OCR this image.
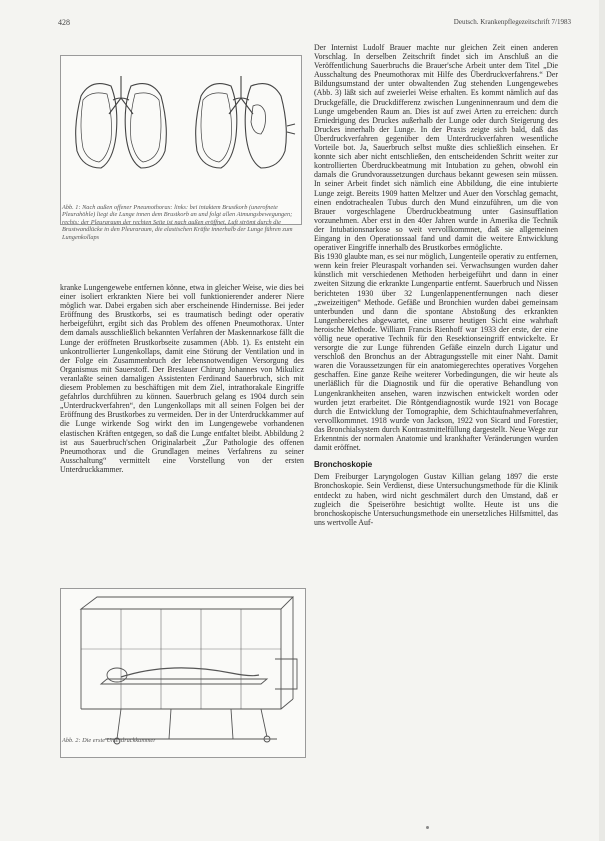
428	Deutsch. Krankenpflegezeitschrift 7/1983
Abb. 1: Nach außen offener Pneumothorax: links: bei intaktem Brustkorb (unerofnete Pleurahöhle) liegt die Lunge innen dem Brustkorb an und folgt allen Atmungsbewegungen; rechts: der Pleuraraum der rechten Seite ist nach außen eröffnet, Luft strömt durch die Brustwandlücke in den Pleuraraum, die elastischen Kräfte innerhalb der Lunge führen zum Lungenkollaps

kranke Lungengewebe entfernen könne, etwa in gleicher Weise, wie dies bei einer isoliert erkrankten Niere bei voll funktionierender anderer Niere möglich war. Dabei ergaben sich aber erscheinende Hindernisse. Bei jeder Eröffnung des Brustkorbs, sei es traumatisch bedingt oder operativ herbeigeführt, ergibt sich das Problem des offenen Pneumothorax. Unter dem damals ausschließlich bekannten Verfahren der Maskennarkose fällt die Lunge der eröffneten Brustkorbseite zusammen (Abb. 1). Es entsteht ein unkontrollierter Lungenkollaps, damit eine Störung der Ventilation und in der Folge ein Zusammenbruch der lebensnotwendigen Versorgung des Organismus mit Sauerstoff. Der Breslauer Chirurg Johannes von Mikulicz veranlaßte seinen damaligen Assistenten Ferdinand Sauerbruch, sich mit diesem Problemen zu beschäftigen mit dem Ziel, intrathorakale Eingriffe gefahrlos durchführen zu können. Sauerbruch gelang es 1904 durch sein „Unterdruckverfahren“, den Lungenkollaps mit all seinen Folgen bei der Eröffnung des Brustkorbes zu vermeiden. Der in der Unterdruckkammer auf die Lunge wirkende Sog wirkt den im Lungengewebe vorhandenen elastischen Kräften entgegen, so daß die Lunge entfaltet bleibt. Abbildung 2 ist aus Sauerbruch'schen Originalarbeit „Zur Pathologie des offenen Pneumothorax und die Grundlagen meines Verfahrens zu seiner Ausschaltung“ vermittelt eine Vorstellung von der ersten Unterdruckkammer.

Abb. 2: Die erste Unterdruckkammer

Der Internist Ludolf Brauer machte nur gleichen Zeit einen anderen Vorschlag. In derselben Zeitschrift findet sich im Anschluß an die Veröffentlichung Sauerbruchs die Brauer'sche Arbeit unter dem Titel „Die Ausschaltung des Pneumothorax mit Hilfe des Überdruckverfahrens.“ Der Bildungsumstand der unter obwaltenden Zug stehenden Lungengewebes (Abb. 3) läßt sich auf zweierlei Weise erhalten. Es kommt nämlich auf das Druckgefälle, die Druckdifferenz zwischen Lungeninnenraum und dem die Lunge umgebenden Raum an. Dies ist auf zwei Arten zu erreichen: durch Erniedrigung des Druckes außerhalb der Lunge oder durch Steigerung des Druckes innerhalb der Lunge. In der Praxis zeigte sich bald, daß das Überdruckverfahren gegenüber dem Unterdruckverfahren wesentliche Vorteile bot. Ja, Sauerbruch selbst mußte dies schließlich einsehen. Er konnte sich aber nicht entschließen, den entscheidenden Schritt weiter zur kontrollierten Überdruckbeatmung mit Intubation zu gehen, obwohl ein damals die Grundvoraussetzungen durchaus bekannt gewesen sein müssen. In seiner Arbeit findet sich nämlich eine Abbildung, die eine intubierte Lunge zeigt. Bereits 1909 hatten Meltzer und Auer den Vorschlag gemacht, einen endotrachealen Tubus durch den Mund einzuführen, um die von Brauer vorgeschlagene Überdruckbeatmung unter Gasinsufflation vorzunehmen. Aber erst in den 40er Jahren wurde in Amerika die Technik der Intubationsnarkose so weit vervollkommnet, daß sie allgemeinen Eingang in den Operationssaal fand und damit die weitere Entwicklung operativer Eingriffe innerhalb des Brustkorbes ermöglichte.

Bis 1930 glaubte man, es sei nur möglich, Lungenteile operativ zu entfernen, wenn kein freier Pleuraspalt vorhanden sei. Verwachsungen wurden daher künstlich mit verschiedenen Methoden herbeigeführt und dann in einer zweiten Sitzung die erkrankte Lungenpartie entfernt. Sauerbruch und Nissen berichteten 1930 über 32 Lungenlappenentfernungen nach dieser „zweizeitigen“ Methode. Gefäße und Bronchien wurden dabei gemeinsam unterbunden und dann die spontane Abstoßung des erkrankten Lungenbereiches abgewartet, eine unserer heutigen Sicht eine wahrhaft heroische Methode. William Francis Rienhoff war 1933 der erste, der eine völlig neue operative Technik für den Resektionseingriff entwickelte. Er versorgte die zur Lunge führenden Gefäße einzeln durch Ligatur und verschloß den Bronchus an der Abtragungsstelle mit einer Naht. Damit waren die Voraussetzungen für ein anatomiegerechtes operatives Vorgehen geschaffen. Eine ganze Reihe weiterer Vorbedingungen, die wir heute als unerläßlich für die Diagnostik und für die operative Behandlung von Lungenkrankheiten ansehen, waren inzwischen entwickelt worden oder wurden jetzt erarbeitet. Die Röntgendiagnostik wurde 1921 von Bocage durch die Entwicklung der Tomographie, dem Schichtaufnahmeverfahren, vervollkommnet. 1918 wurde von Jackson, 1922 von Sicard und Forestier, das Bronchialsystem durch Kontrastmittelfüllung dargestellt. Neue Wege zur Erkenntnis der normalen Anatomie und krankhafter Veränderungen wurden damit eröffnet.

Bronchoskopie

Dem Freiburger Laryngologen Gustav Killian gelang 1897 die erste Bronchoskopie. Sein Verdienst, diese Untersuchungsmethode für die Klinik entdeckt zu haben, wird nicht geschmälert durch den Umstand, daß er zugleich die Speiseröhre besichtigt wollte. Heute ist uns die bronchoskopische Untersuchungsmethode ein unersetzliches Hilfsmittel, das uns wertvolle Auf-
